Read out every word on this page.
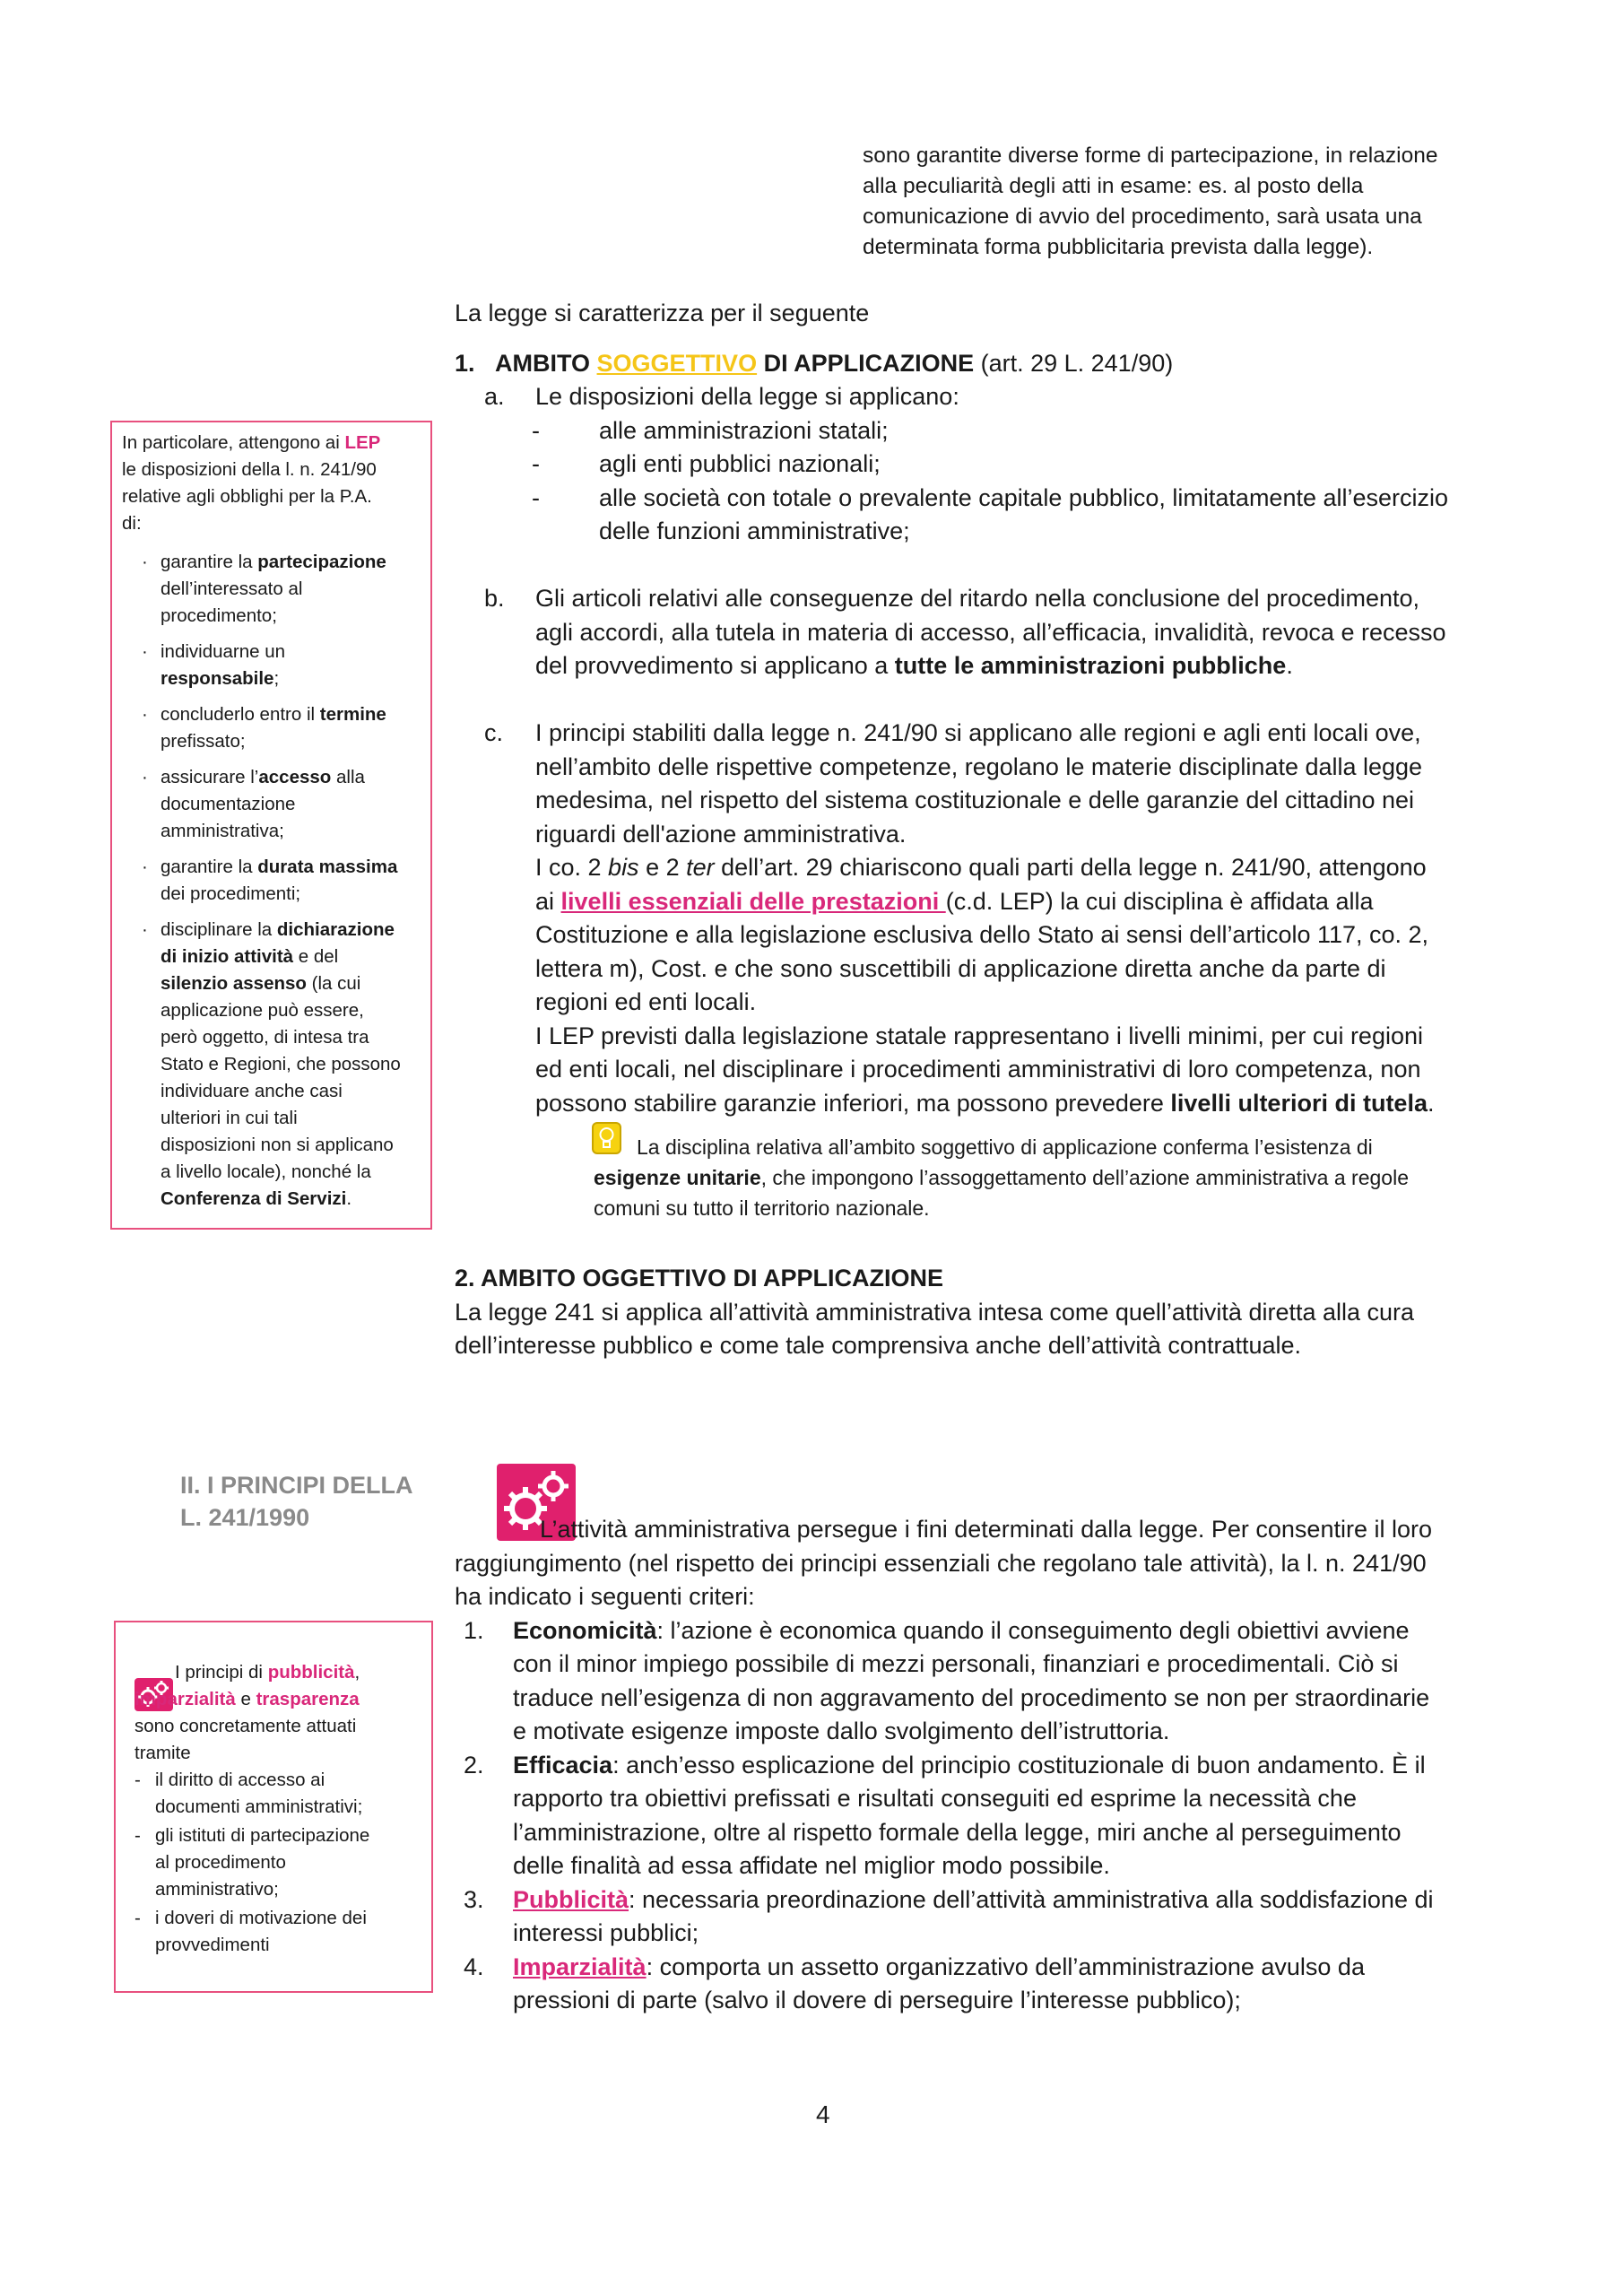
sono garantite diverse forme di partecipazione, in relazione
alla peculiarità degli atti in esame: es. al posto della
comunicazione di avvio del procedimento, sarà usata una
determinata forma pubblicitaria prevista dalla legge).
La legge si caratterizza per il seguente
1. AMBITO SOGGETTIVO DI APPLICAZIONE (art. 29 L. 241/90)
a. Le disposizioni della legge si applicano:
- alle amministrazioni statali;
- agli enti pubblici nazionali;
- alle società con totale o prevalente capitale pubblico, limitatamente all’esercizio
delle funzioni amministrative;
b. Gli articoli relativi alle conseguenze del ritardo nella conclusione del procedimento,
agli accordi, alla tutela in materia di accesso, all’efficacia, invalidità, revoca e recesso
del provvedimento si applicano a tutte le amministrazioni pubbliche.
c. I principi stabiliti dalla legge n. 241/90 si applicano alle regioni e agli enti locali ove,
nell’ambito delle rispettive competenze, regolano le materie disciplinate dalla legge
medesima, nel rispetto del sistema costituzionale e delle garanzie del cittadino nei
riguardi dell'azione amministrativa.
I co. 2 bis e 2 ter dell’art. 29 chiariscono quali parti della legge n. 241/90, attengono
ai livelli essenziali delle prestazioni (c.d. LEP) la cui disciplina è affidata alla
Costituzione e alla legislazione esclusiva dello Stato ai sensi dell’articolo 117, co. 2,
lettera m), Cost. e che sono suscettibili di applicazione diretta anche da parte di
regioni ed enti locali.
I LEP previsti dalla legislazione statale rappresentano i livelli minimi, per cui regioni
ed enti locali, nel disciplinare i procedimenti amministrativi di loro competenza, non
possono stabilire garanzie inferiori, ma possono prevedere livelli ulteriori di tutela.
La disciplina relativa all’ambito soggettivo di applicazione conferma l’esistenza di
esigenze unitarie, che impongono l’assoggettamento dell’azione amministrativa a regole
comuni su tutto il territorio nazionale.
2. AMBITO OGGETTIVO DI APPLICAZIONE
La legge 241 si applica all’attività amministrativa intesa come quell’attività diretta alla cura
dell’interesse pubblico e come tale comprensiva anche dell’attività contrattuale.
In particolare, attengono ai LEP
le disposizioni della l. n. 241/90
relative agli obblighi per la P.A.
di:
· garantire la partecipazione
dell’interessato al
procedimento;
· individuarne un
responsabile;
· concluderlo entro il termine
prefissato;
· assicurare l’accesso alla
documentazione
amministrativa;
· garantire la durata massima
dei procedimenti;
· disciplinare la dichiarazione
di inizio attività e del
silenzio assenso (la cui
applicazione può essere,
però oggetto, di intesa tra
Stato e Regioni, che possono
individuare anche casi
ulteriori in cui tali
disposizioni non si applicano
a livello locale), nonché la
Conferenza di Servizi.
II. I PRINCIPI DELLA
L. 241/1990

I principi di pubblicità,
imparzialità e trasparenza
sono concretamente attuati
tramite
- il diritto di accesso ai
documenti amministrativi;
- gli istituti di partecipazione
al procedimento
amministrativo;
- i doveri di motivazione dei
provvedimenti
L’attività amministrativa persegue i fini determinati dalla legge. Per consentire il loro
raggiungimento (nel rispetto dei principi essenziali che regolano tale attività), la l. n. 241/90
ha indicato i seguenti criteri:
1. Economicità: l’azione è economica quando il conseguimento degli obiettivi avviene
con il minor impiego possibile di mezzi personali, finanziari e procedimentali. Ciò si
traduce nell’esigenza di non aggravamento del procedimento se non per straordinarie
e motivate esigenze imposte dallo svolgimento dell’istruttoria.
2. Efficacia: anch’esso esplicazione del principio costituzionale di buon andamento. È il
rapporto tra obiettivi prefissati e risultati conseguiti ed esprime la necessità che
l’amministrazione, oltre al rispetto formale della legge, miri anche al perseguimento
delle finalità ad essa affidate nel miglior modo possibile.
3. Pubblicità: necessaria preordinazione dell’attività amministrativa alla soddisfazione di
interessi pubblici;
4. Imparzialità: comporta un assetto organizzativo dell’amministrazione avulso da
pressioni di parte (salvo il dovere di perseguire l’interesse pubblico);
4
